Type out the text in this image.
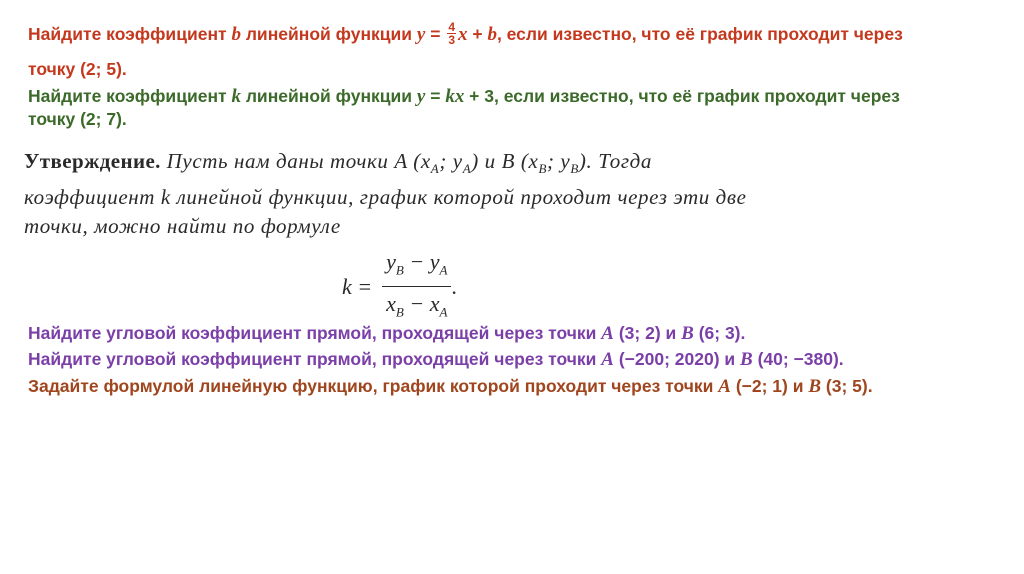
Найдите коэффициент b линейной функции $y = \frac{4}{3}$ x + b, если известно, что её график проходит через

точку (2; 5).

Найдите коэффициент k линейной функции y = kx + 3, если известно, что её график проходит через

точку (2; 7).

Утверждение. Пусть нам даны точки A ($x_A$; $y_A$) и B ($x_B$; $y_B$). Тогда
коэффициент k линейной функции, график которой проходит через эти две
точки, можно найти по формуле
$k = \frac{y_B - y_A}{x_B - x_A}$ .

Найдите угловой коэффициент прямой, проходящей через точки A (3; 2) и B (6; 3).

Найдите угловой коэффициент прямой, проходящей через точки A (−200; 2020) и B (40; −380).

Задайте формулой линейную функцию, график которой проходит через точки A (−2; 1) и B (3; 5).
